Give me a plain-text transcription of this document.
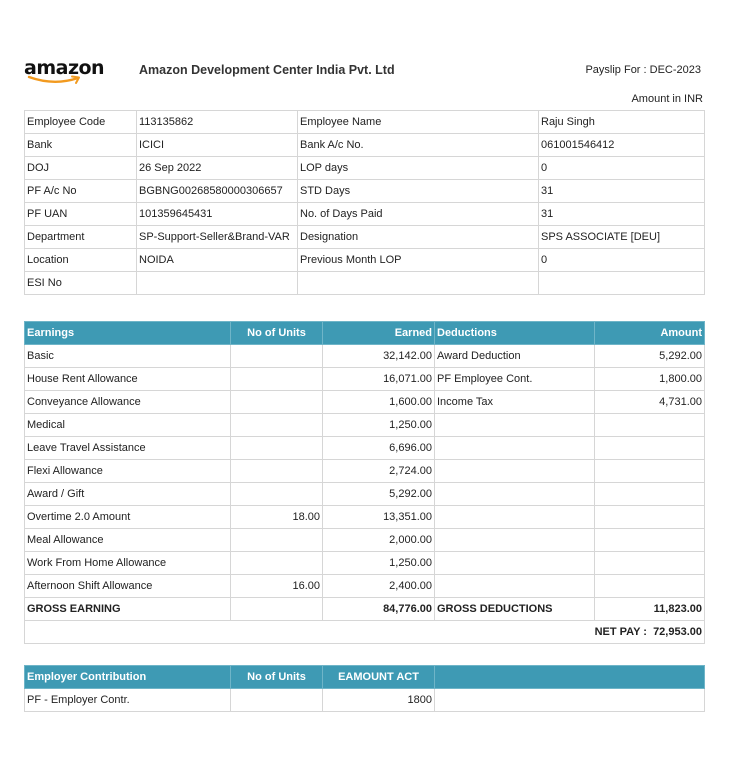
amazon	Amazon Development Center India Pvt. Ltd	Payslip For : DEC-2023
Amount in INR
Employee Code	113135862	Employee Name	Raju Singh
Bank	ICICI	Bank A/c No.	061001546412
DOJ	26 Sep 2022	LOP days	0
PF A/c No	BGBNG00268580000306657	STD Days	31
PF UAN	101359645431	No. of Days Paid	31
Department	SP-Support-Seller&Brand-VAR	Designation	SPS ASSOCIATE [DEU]
Location	NOIDA	Previous Month LOP	0
ESI No			
Earnings	No of Units	Earned	Deductions	Amount
Basic		32,142.00	Award Deduction	5,292.00
House Rent Allowance		16,071.00	PF Employee Cont.	1,800.00
Conveyance Allowance		1,600.00	Income Tax	4,731.00
Medical		1,250.00		
Leave Travel Assistance		6,696.00		
Flexi Allowance		2,724.00		
Award / Gift		5,292.00		
Overtime 2.0 Amount	18.00	13,351.00		
Meal Allowance		2,000.00		
Work From Home Allowance		1,250.00		
Afternoon Shift Allowance	16.00	2,400.00		
GROSS EARNING		84,776.00	GROSS DEDUCTIONS	11,823.00
NET PAY : 72,953.00				
Employer Contribution	No of Units	EAMOUNT ACT	
PF - Employer Contr.		1800	
